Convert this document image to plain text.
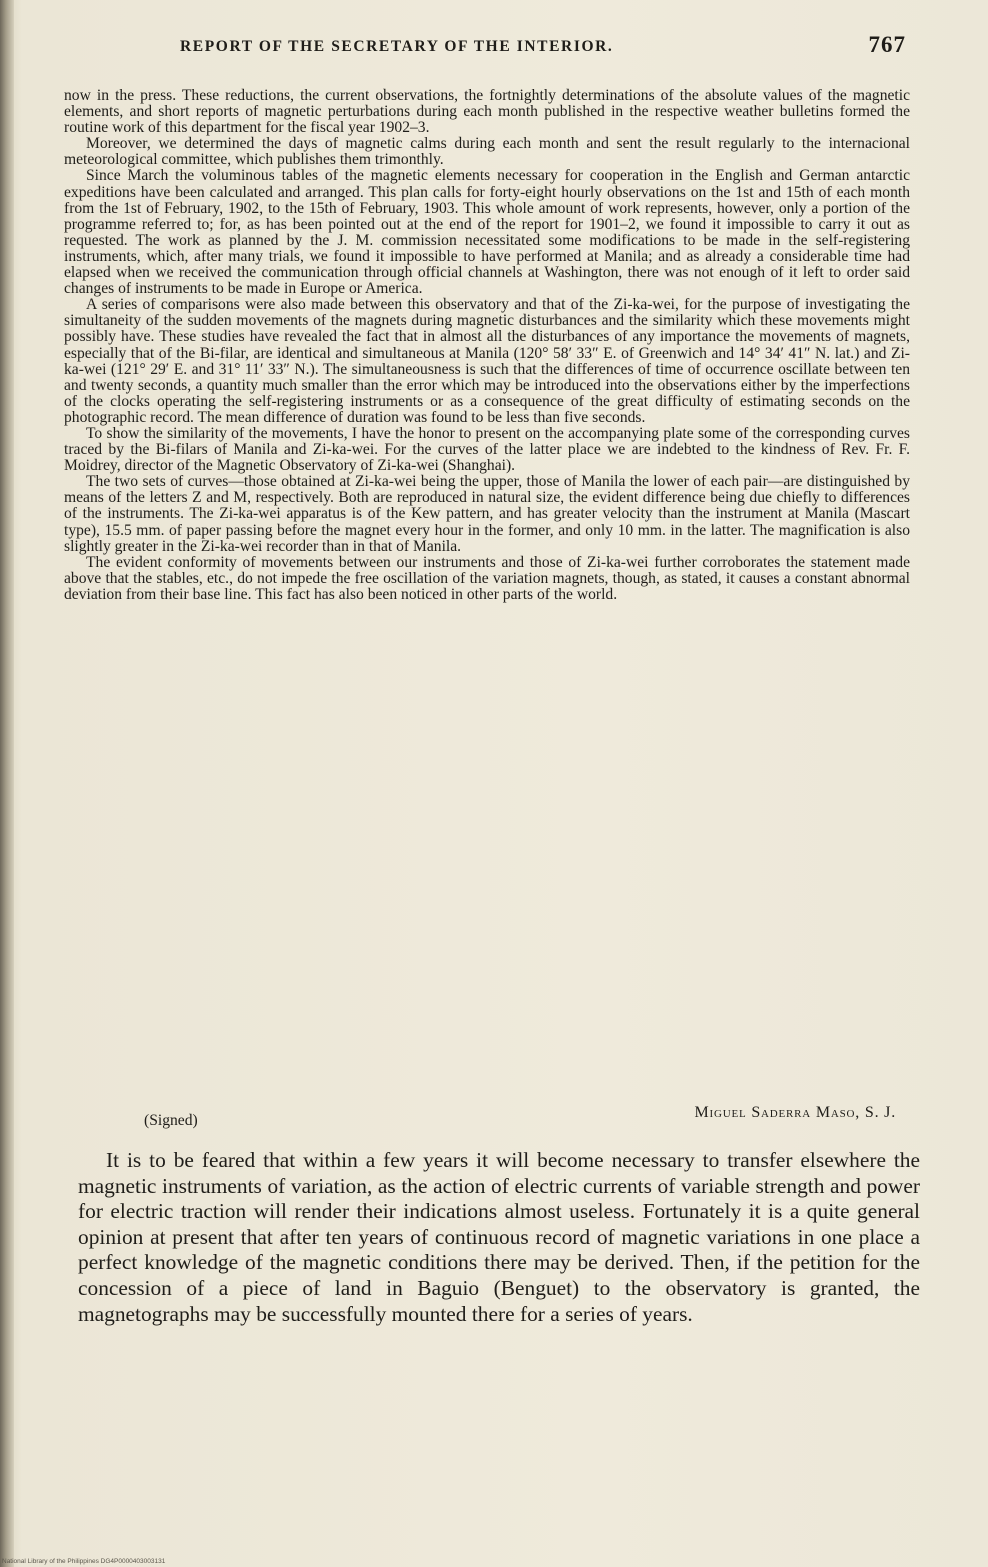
REPORT OF THE SECRETARY OF THE INTERIOR.	767

now in the press. These reductions, the current observations, the fortnightly determinations of the absolute values of the magnetic elements, and short reports of magnetic perturbations during each month published in the respective weather bulletins formed the routine work of this department for the fiscal year 1902–3.

Moreover, we determined the days of magnetic calms during each month and sent the result regularly to the internacional meteorological committee, which publishes them trimonthly.

Since March the voluminous tables of the magnetic elements necessary for cooperation in the English and German antarctic expeditions have been calculated and arranged. This plan calls for forty-eight hourly observations on the 1st and 15th of each month from the 1st of February, 1902, to the 15th of February, 1903. This whole amount of work represents, however, only a portion of the programme referred to; for, as has been pointed out at the end of the report for 1901–2, we found it impossible to carry it out as requested. The work as planned by the J. M. commission necessitated some modifications to be made in the self-registering instruments, which, after many trials, we found it impossible to have performed at Manila; and as already a considerable time had elapsed when we received the communication through official channels at Washington, there was not enough of it left to order said changes of instruments to be made in Europe or America.

A series of comparisons were also made between this observatory and that of the Zi-ka-wei, for the purpose of investigating the simultaneity of the sudden movements of the magnets during magnetic disturbances and the similarity which these movements might possibly have. These studies have revealed the fact that in almost all the disturbances of any importance the movements of magnets, especially that of the Bi-filar, are identical and simultaneous at Manila (120° 58′ 33″ E. of Greenwich and 14° 34′ 41″ N. lat.) and Zi-ka-wei (121° 29′ E. and 31° 11′ 33″ N.). The simultaneousness is such that the differences of time of occurrence oscillate between ten and twenty seconds, a quantity much smaller than the error which may be introduced into the observations either by the imperfections of the clocks operating the self-registering instruments or as a consequence of the great difficulty of estimating seconds on the photographic record. The mean difference of duration was found to be less than five seconds.

To show the similarity of the movements, I have the honor to present on the accompanying plate some of the corresponding curves traced by the Bi-filars of Manila and Zi-ka-wei. For the curves of the latter place we are indebted to the kindness of Rev. Fr. F. Moidrey, director of the Magnetic Observatory of Zi-ka-wei (Shanghai).

The two sets of curves—those obtained at Zi-ka-wei being the upper, those of Manila the lower of each pair—are distinguished by means of the letters Z and M, respectively. Both are reproduced in natural size, the evident difference being due chiefly to differences of the instruments. The Zi-ka-wei apparatus is of the Kew pattern, and has greater velocity than the instrument at Manila (Mascart type), 15.5 mm. of paper passing before the magnet every hour in the former, and only 10 mm. in the latter. The magnification is also slightly greater in the Zi-ka-wei recorder than in that of Manila.

The evident conformity of movements between our instruments and those of Zi-ka-wei further corroborates the statement made above that the stables, etc., do not impede the free oscillation of the variation magnets, though, as stated, it causes a constant abnormal deviation from their base line. This fact has also been noticed in other parts of the world.

(Signed)	Miguel Saderra Maso, S. J.

It is to be feared that within a few years it will become necessary to transfer elsewhere the magnetic instruments of variation, as the action of electric currents of variable strength and power for electric traction will render their indications almost useless. Fortunately it is a quite general opinion at present that after ten years of continuous record of magnetic variations in one place a perfect knowledge of the magnetic conditions there may be derived. Then, if the petition for the concession of a piece of land in Baguio (Benguet) to the observatory is granted, the magnetographs may be successfully mounted there for a series of years.

National Library of the Philippines DG4P0000403003131
